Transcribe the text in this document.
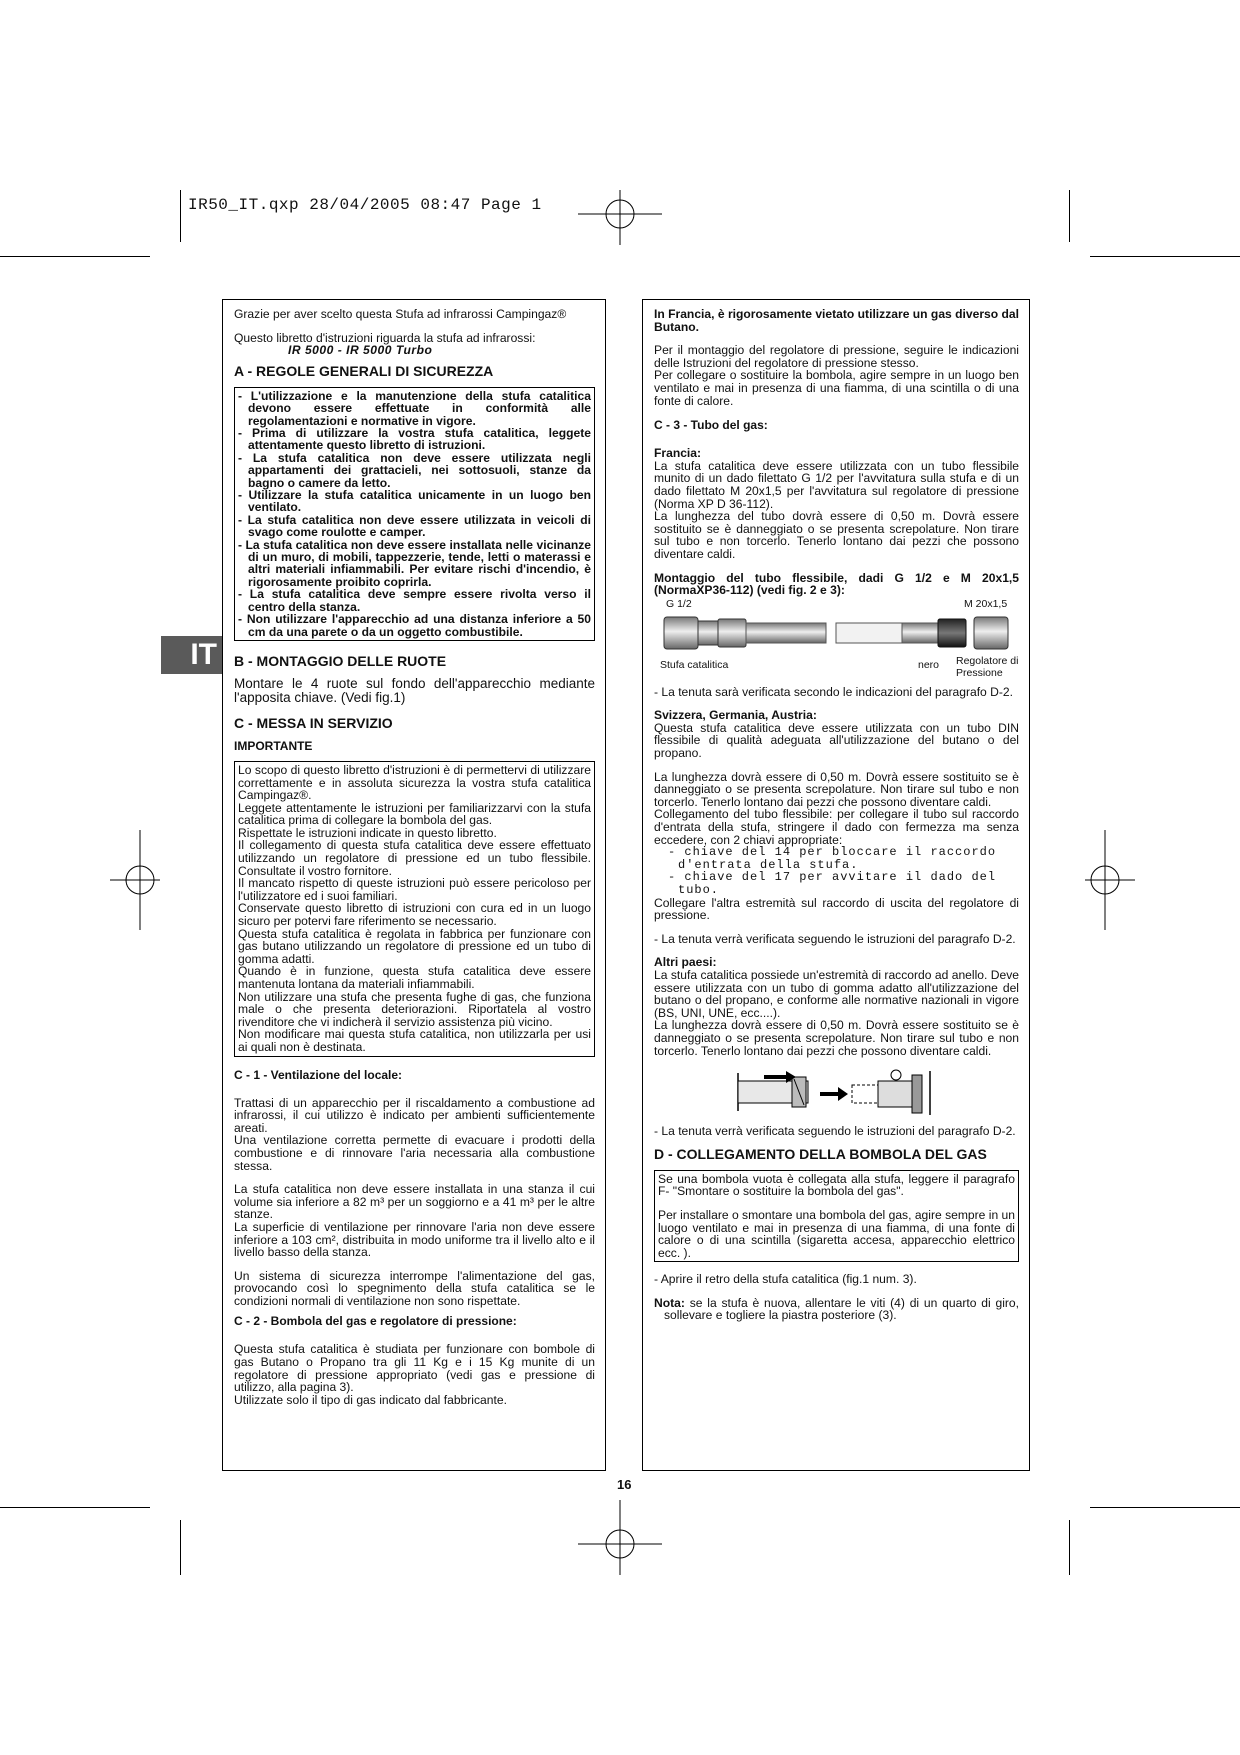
IR50_IT.qxp 28/04/2005 08:47 Page 1
IT

Grazie per aver scelto questa Stufa ad infrarossi Campingaz®

Questo libretto d'istruzioni riguarda la stufa ad infrarossi:

IR 5000 - IR 5000 Turbo

A - REGOLE GENERALI DI SICUREZZA

- L'utilizzazione e la manutenzione della stufa catalitica devono essere effettuate in conformità alle regolamentazioni e normative in vigore.

- Prima di utilizzare la vostra stufa catalitica, leggete attentamente questo libretto di istruzioni.

- La stufa catalitica non deve essere utilizzata negli appartamenti dei grattacieli, nei sottosuoli, stanze da bagno o camere da letto.

- Utilizzare la stufa catalitica unicamente in un luogo ben ventilato.

- La stufa catalitica non deve essere utilizzata in veicoli di svago come roulotte e camper.

- La stufa catalitica non deve essere installata nelle vicinanze di un muro, di mobili, tappezzerie, tende, letti o materassi e altri materiali infiammabili. Per evitare rischi d'incendio, è rigorosamente proibito coprirla.

- La stufa catalitica deve sempre essere rivolta verso il centro della stanza.

- Non utilizzare l'apparecchio ad una distanza inferiore a 50 cm da una parete o da un oggetto combustibile.

B - MONTAGGIO DELLE RUOTE

Montare le 4 ruote sul fondo dell'apparecchio mediante l'apposita chiave. (Vedi fig.1)

C - MESSA IN SERVIZIO
IMPORTANTE

Lo scopo di questo libretto d'istruzioni è di permettervi di utilizzare correttamente e in assoluta sicurezza la vostra stufa catalitica Campingaz®.

Leggete attentamente le istruzioni per familiarizzarvi con la stufa catalitica prima di collegare la bombola del gas.

Rispettate le istruzioni indicate in questo libretto.

Il collegamento di questa stufa catalitica deve essere effettuato utilizzando un regolatore di pressione ed un tubo flessibile. Consultate il vostro fornitore.

Il mancato rispetto di queste istruzioni può essere pericoloso per l'utilizzatore ed i suoi familiari.

Conservate questo libretto di istruzioni con cura ed in un luogo sicuro per potervi fare riferimento se necessario.

Questa stufa catalitica è regolata in fabbrica per funzionare con gas butano utilizzando un regolatore di pressione ed un tubo di gomma adatti.

Quando è in funzione, questa stufa catalitica deve essere mantenuta lontana da materiali infiammabili.

Non utilizzare una stufa che presenta fughe di gas, che funziona male o che presenta deteriorazioni. Riportatela al vostro rivenditore che vi indicherà il servizio assistenza più vicino.

Non modificare mai questa stufa catalitica, non utilizzarla per usi ai quali non è destinata.

C - 1 - Ventilazione del locale:

Trattasi di un apparecchio per il riscaldamento a combustione ad infrarossi, il cui utilizzo è indicato per ambienti sufficientemente areati.

Una ventilazione corretta permette di evacuare i prodotti della combustione e di rinnovare l'aria necessaria alla combustione stessa.

La stufa catalitica non deve essere installata in una stanza il cui volume sia inferiore a 82 m³ per un soggiorno e a 41 m³ per le altre stanze.

La superficie di ventilazione per rinnovare l'aria non deve essere inferiore a 103 cm², distribuita in modo uniforme tra il livello alto e il livello basso della stanza.

Un sistema di sicurezza interrompe l'alimentazione del gas, provocando così lo spegnimento della stufa catalitica se le condizioni normali di ventilazione non sono rispettate.

C - 2 - Bombola del gas e regolatore di pressione:

Questa stufa catalitica è studiata per funzionare con bombole di gas Butano o Propano tra gli 11 Kg e i 15 Kg munite di un regolatore di pressione appropriato (vedi gas e pressione di utilizzo, alla pagina 3).

Utilizzate solo il tipo di gas indicato dal fabbricante.

In Francia, è rigorosamente vietato utilizzare un gas diverso dal Butano.

Per il montaggio del regolatore di pressione, seguire le indicazioni delle Istruzioni del regolatore di pressione stesso.

Per collegare o sostituire la bombola, agire sempre in un luogo ben ventilato e mai in presenza di una fiamma, di una scintilla o di una fonte di calore.

C - 3 - Tubo del gas:

Francia:

La stufa catalitica deve essere utilizzata con un tubo flessibile munito di un dado filettato G 1/2 per l'avvitatura sulla stufa e di un dado filettato M 20x1,5 per l'avvitatura sul regolatore di pressione (Norma XP D 36-112).

La lunghezza del tubo dovrà essere di 0,50 m. Dovrà essere sostituito se è danneggiato o se presenta screpolature. Non tirare sul tubo e non torcerlo. Tenerlo lontano dai pezzi che possono diventare caldi.

Montaggio del tubo flessibile, dadi G 1/2 e M 20x1,5 (NormaXP36-112) (vedi fig. 2 e 3):

G 1/2	M 20x1,5
Stufa catalitica	nero Regolatore di
Pressione

- La tenuta sarà verificata secondo le indicazioni del paragrafo D-2.

Svizzera, Germania, Austria:

Questa stufa catalitica deve essere utilizzata con un tubo DIN flessibile di qualità adeguata all'utilizzazione del butano o del propano.

La lunghezza dovrà essere di 0,50 m. Dovrà essere sostituito se è danneggiato o se presenta screpolature. Non tirare sul tubo e non torcerlo. Tenerlo lontano dai pezzi che possono diventare caldi.

Collegamento del tubo flessibile: per collegare il tubo sul raccordo d'entrata della stufa, stringere il dado con fermezza ma senza eccedere, con 2 chiavi appropriate:

- chiave del 14 per bloccare il raccordo d'entrata della stufa.

- chiave del 17 per avvitare il dado del tubo.

Collegare l'altra estremità sul raccordo di uscita del regolatore di pressione.

- La tenuta verrà verificata seguendo le istruzioni del paragrafo D-2.

Altri paesi:

La stufa catalitica possiede un'estremità di raccordo ad anello. Deve essere utilizzata con un tubo di gomma adatto all'utilizzazione del butano o del propano, e conforme alle normative nazionali in vigore (BS, UNI, UNE, ecc....).

La lunghezza dovrà essere di 0,50 m. Dovrà essere sostituito se è danneggiato o se presenta screpolature. Non tirare sul tubo e non torcerlo. Tenerlo lontano dai pezzi che possono diventare caldi.

- La tenuta verrà verificata seguendo le istruzioni del paragrafo D-2.

D - COLLEGAMENTO DELLA BOMBOLA DEL GAS

Se una bombola vuota è collegata alla stufa, leggere il paragrafo F- "Smontare o sostituire la bombola del gas".

Per installare o smontare una bombola del gas, agire sempre in un luogo ventilato e mai in presenza di una fiamma, di una fonte di calore o di una scintilla (sigaretta accesa, apparecchio elettrico ecc. ).

- Aprire il retro della stufa catalitica (fig.1 num. 3).

Nota: se la stufa è nuova, allentare le viti (4) di un quarto di giro, sollevare e togliere la piastra posteriore (3).

16
